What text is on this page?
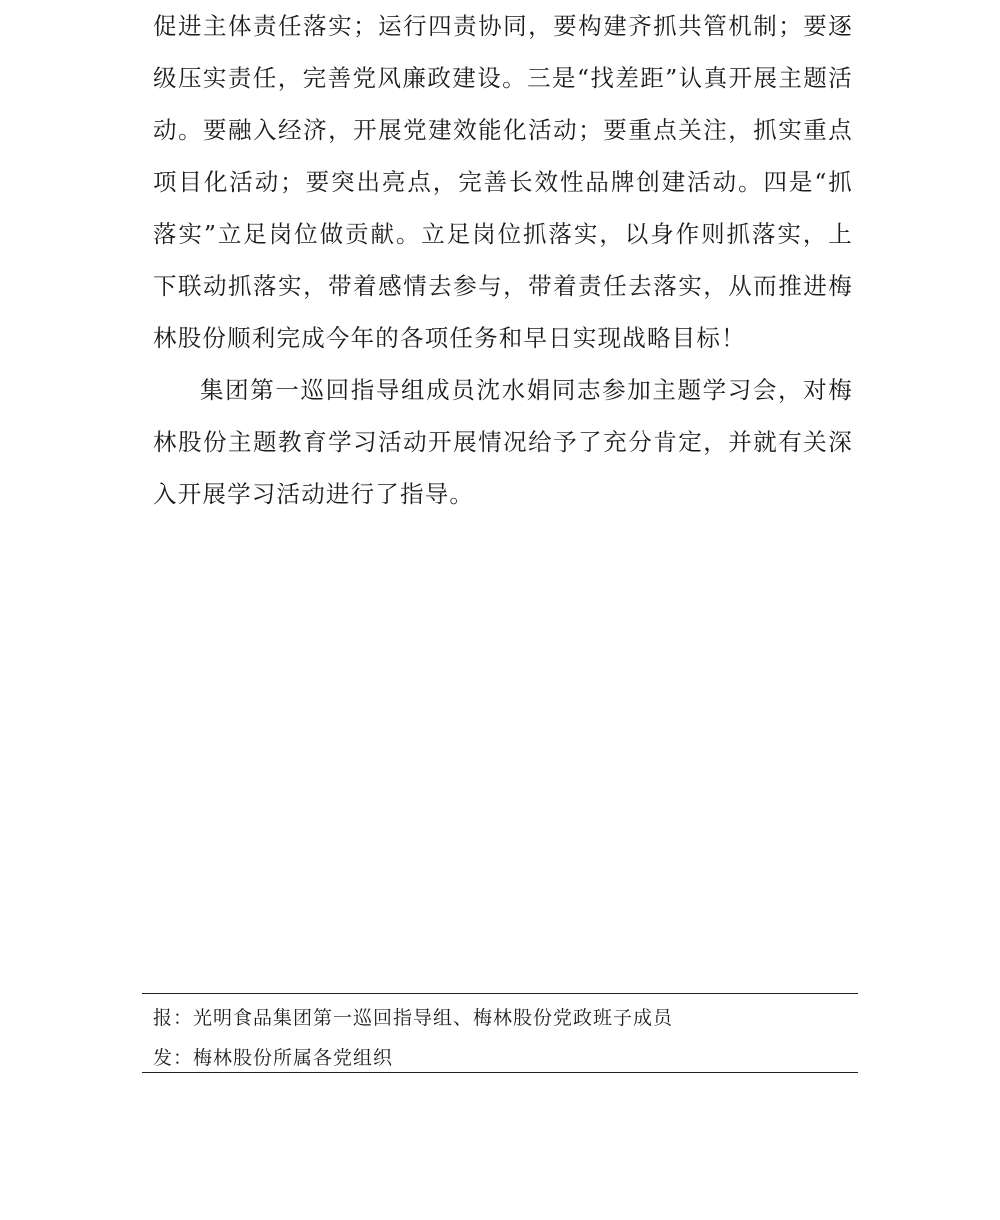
促进主体责任落实；运行四责协同，要构建齐抓共管机制；要逐级压实责任，完善党风廉政建设。三是“找差距”认真开展主题活动。要融入经济，开展党建效能化活动；要重点关注，抓实重点项目化活动；要突出亮点，完善长效性品牌创建活动。四是“抓落实”立足岗位做贡献。立足岗位抓落实，以身作则抓落实，上下联动抓落实，带着感情去参与，带着责任去落实，从而推进梅林股份顺利完成今年的各项任务和早日实现战略目标！

集团第一巡回指导组成员沈水娟同志参加主题学习会，对梅林股份主题教育学习活动开展情况给予了充分肯定，并就有关深入开展学习活动进行了指导。

报：光明食品集团第一巡回指导组、梅林股份党政班子成员
发：梅林股份所属各党组织
